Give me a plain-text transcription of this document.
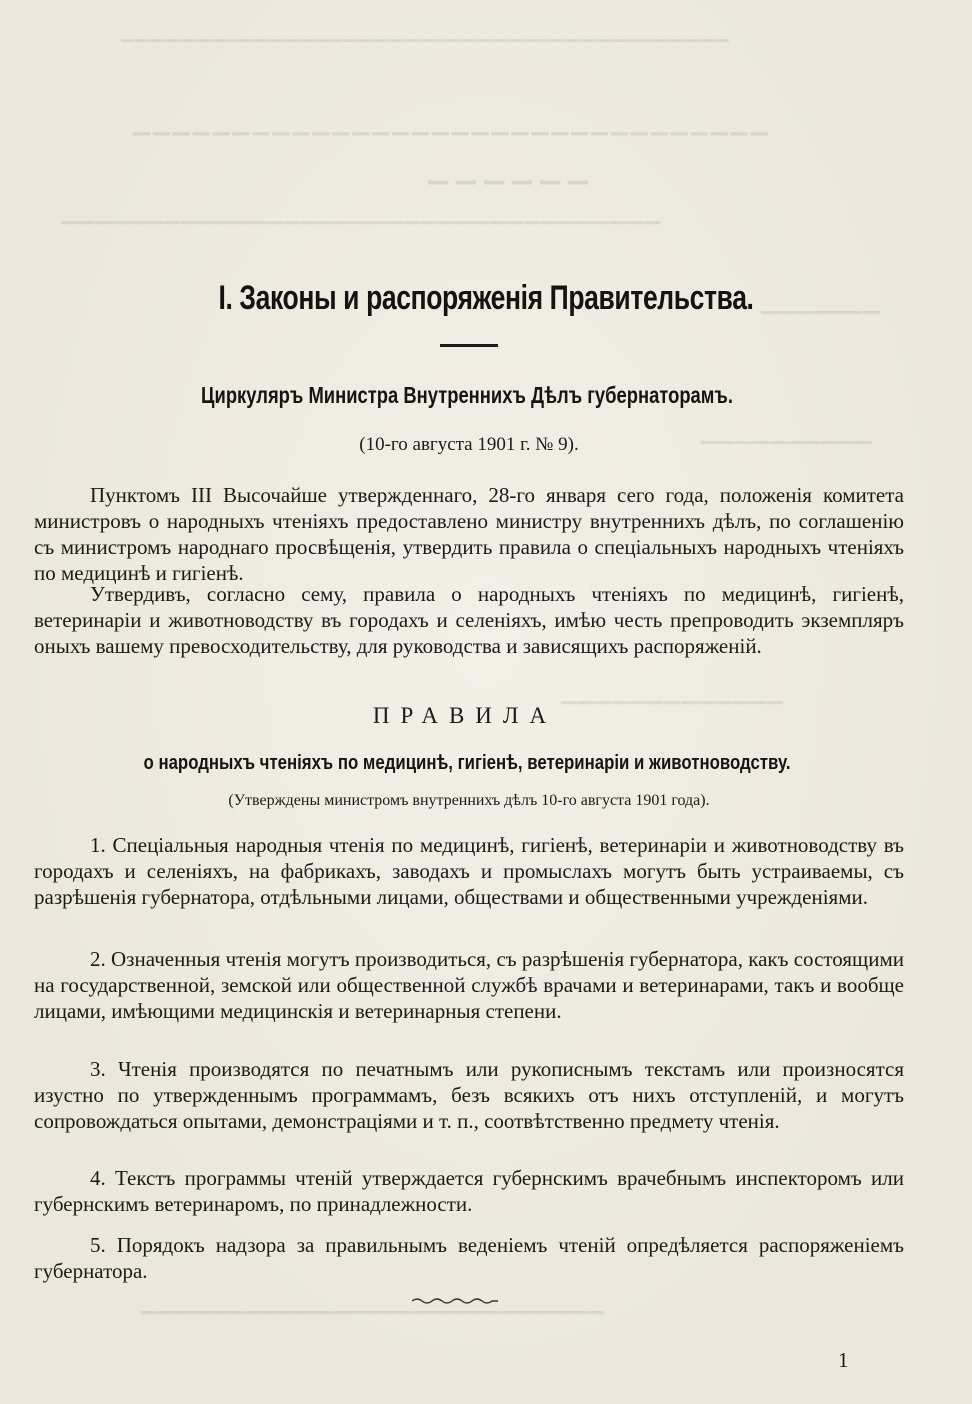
▔▔▔▔▔▔▔▔▔▔▔▔▔▔▔▔▔▔▔▔▔▔▔▔▔▔▔▔▔▔▔▔▔▔▔▔▔▔▔▔▔
▁▁▁▁▁▁▁▁▁▁▁▁▁▁▁▁▁▁▁▁▁▁▁▁▁▁▁▁▁▁▁▁
▁▁▁▁▁▁
▁▁▁▁▁▁▁▁▁▁▁▁▁▁▁▁▁▁▁▁▁▁▁▁▁▁▁▁▁▁▁▁▁▁▁
▁▁▁▁▁▁▁
▁▁▁▁▁▁▁▁▁▁
▁▁▁▁▁▁▁▁▁▁▁▁▁
▁▁▁▁▁▁▁▁▁▁▁▁▁▁▁▁▁▁▁▁▁▁▁▁▁▁▁
I. Законы и распоряженія Правительства.
Циркуляръ Министра Внутреннихъ Дѣлъ губернаторамъ.
(10-го августа 1901 г. № 9).

Пунктомъ III Высочайше утвержденнаго, 28-го января сего года, положенія комитета министровъ о народныхъ чтеніяхъ предоставлено министру внутреннихъ дѣлъ, по соглашенію съ министромъ народнаго просвѣщенія, утвердить правила о спеціальныхъ народныхъ чтеніяхъ по медицинѣ и гигіенѣ.

Утвердивъ, согласно сему, правила о народныхъ чтеніяхъ по медицинѣ, гигіенѣ, ветеринаріи и животноводству въ городахъ и селеніяхъ, имѣю честь препроводить экземпляръ оныхъ вашему превосходительству, для руководства и зависящихъ распоряженій.

ПРАВИЛА
о народныхъ чтеніяхъ по медицинѣ, гигіенѣ, ветеринаріи и животноводству.
(Утверждены министромъ внутреннихъ дѣлъ 10-го августа 1901 года).

1. Спеціальныя народныя чтенія по медицинѣ, гигіенѣ, ветеринаріи и животноводству въ городахъ и селеніяхъ, на фабрикахъ, заводахъ и промыслахъ могутъ быть устраиваемы, съ разрѣшенія губернатора, отдѣльными лицами, обществами и общественными учрежденіями.

2. Означенныя чтенія могутъ производиться, съ разрѣшенія губернатора, какъ состоящими на государственной, земской или общественной службѣ врачами и ветеринарами, такъ и вообще лицами, имѣющими медицинскія и ветеринарныя степени.

3. Чтенія производятся по печатнымъ или рукописнымъ текстамъ или произносятся изустно по утвержденнымъ программамъ, безъ всякихъ отъ нихъ отступленій, и могутъ сопровождаться опытами, демонстраціями и т. п., соотвѣтственно предмету чтенія.

4. Текстъ программы чтеній утверждается губернскимъ врачебнымъ инспекторомъ или губернскимъ ветеринаромъ, по принадлежности.

5. Порядокъ надзора за правильнымъ веденіемъ чтеній опредѣляется распоряженіемъ губернатора.

1
